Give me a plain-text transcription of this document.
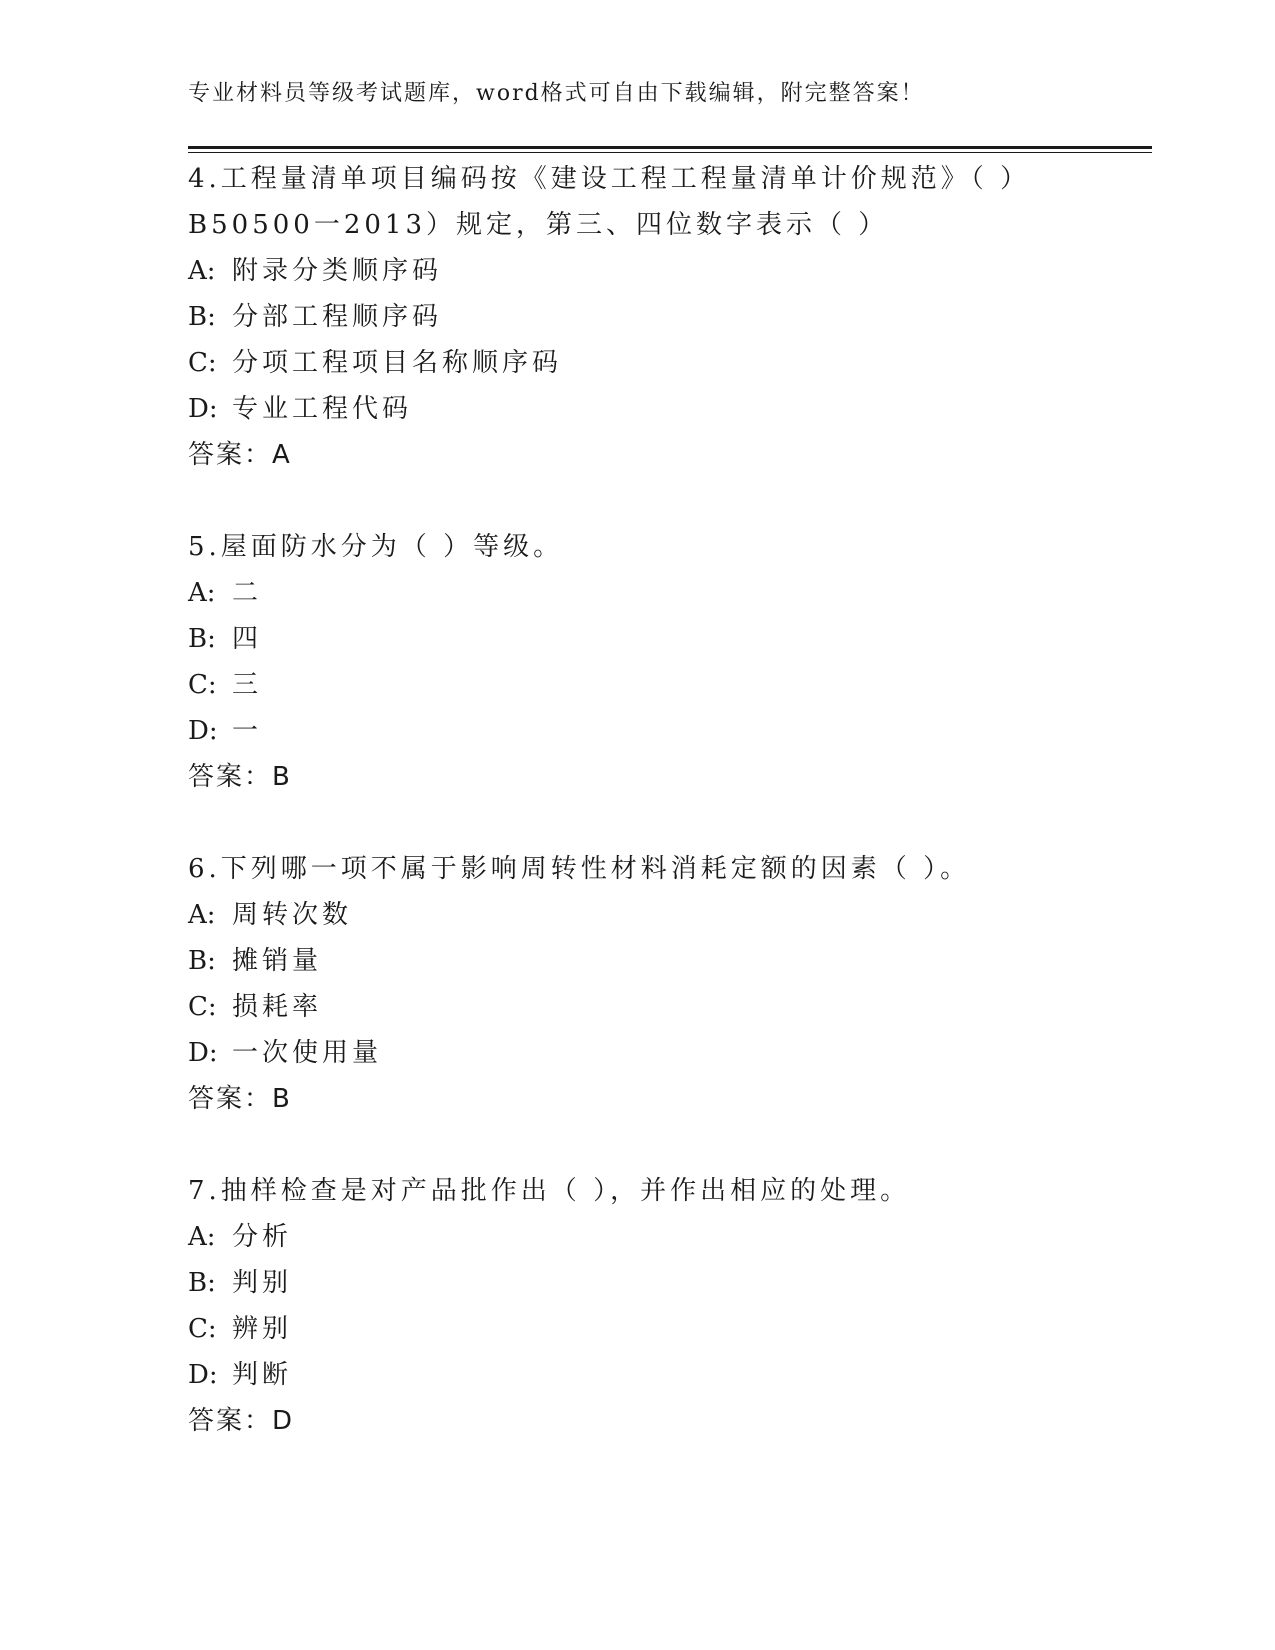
专业材料员等级考试题库，word格式可自由下载编辑，附完整答案！
4.工程量清单项目编码按《建设工程工程量清单计价规范》（ ）
B50500一2013）规定，第三、四位数字表示（ ）
A: 附录分类顺序码
B: 分部工程顺序码
C: 分项工程项目名称顺序码
D: 专业工程代码
答案：A
5.屋面防水分为（ ）等级。
A: 二
B: 四
C: 三
D: 一
答案：B
6.下列哪一项不属于影响周转性材料消耗定额的因素（ ）。
A: 周转次数
B: 摊销量
C: 损耗率
D: 一次使用量
答案：B
7.抽样检查是对产品批作出（ ），并作出相应的处理。
A: 分析
B: 判别
C: 辨别
D: 判断
答案：D
